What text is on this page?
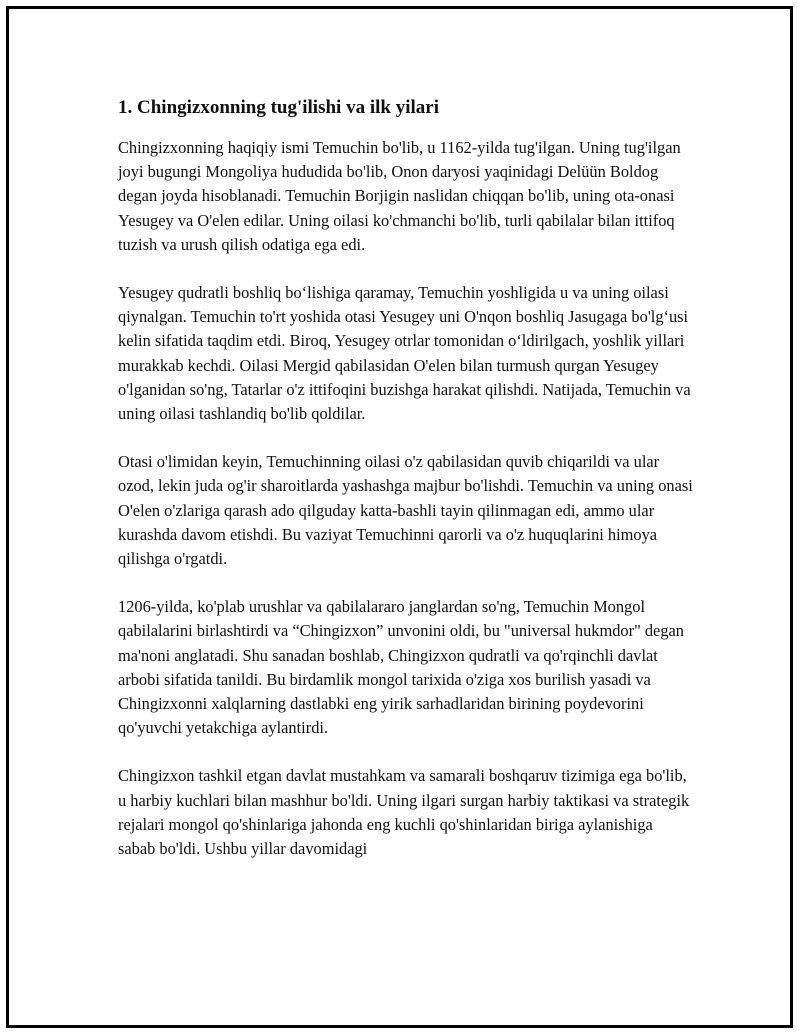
1. Chingizxonning tug'ilishi va ilk yilari

Chingizxonning haqiqiy ismi Temuchin bo'lib, u 1162-yilda tug'ilgan. Uning tug'ilgan joyi bugungi Mongoliya hududida bo'lib, Onon daryosi yaqinidagi Delüün Boldog degan joyda hisoblanadi. Temuchin Borjigin naslidan chiqqan bo'lib, uning ota-onasi Yesugey va O'elen edilar. Uning oilasi ko'chmanchi bo'lib, turli qabilalar bilan ittifoq tuzish va urush qilish odatiga ega edi.

Yesugey qudratli boshliq bo‘lishiga qaramay, Temuchin yoshligida u va uning oilasi qiynalgan. Temuchin to'rt yoshida otasi Yesugey uni O'nqon boshliq Jasugaga bo'lg‘usi kelin sifatida taqdim etdi. Biroq, Yesugey otrlar tomonidan o‘ldirilgach, yoshlik yillari murakkab kechdi. Oilasi Mergid qabilasidan O'elen bilan turmush qurgan Yesugey o'lganidan so'ng, Tatarlar o'z ittifoqini buzishga harakat qilishdi. Natijada, Temuchin va uning oilasi tashlandiq bo'lib qoldilar.

Otasi o'limidan keyin, Temuchinning oilasi o'z qabilasidan quvib chiqarildi va ular ozod, lekin juda og'ir sharoitlarda yashashga majbur bo'lishdi. Temuchin va uning onasi O'elen o'zlariga qarash ado qilguday katta-bashli tayin qilinmagan edi, ammo ular kurashda davom etishdi. Bu vaziyat Temuchinni qarorli va o'z huquqlarini himoya qilishga o'rgatdi.

1206-yilda, ko'plab urushlar va qabilalararo janglardan so'ng, Temuchin Mongol qabilalarini birlashtirdi va “Chingizxon” unvonini oldi, bu "universal hukmdor" degan ma'noni anglatadi. Shu sanadan boshlab, Chingizxon qudratli va qo'rqinchli davlat arbobi sifatida tanildi. Bu birdamlik mongol tarixida o'ziga xos burilish yasadi va Chingizxonni xalqlarning dastlabki eng yirik sarhadlaridan birining poydevorini qo'yuvchi yetakchiga aylantirdi.

Chingizxon tashkil etgan davlat mustahkam va samarali boshqaruv tizimiga ega bo'lib, u harbiy kuchlari bilan mashhur bo'ldi. Uning ilgari surgan harbiy taktikasi va strategik rejalari mongol qo'shinlariga jahonda eng kuchli qo'shinlaridan biriga aylanishiga sabab bo'ldi. Ushbu yillar davomidagi
